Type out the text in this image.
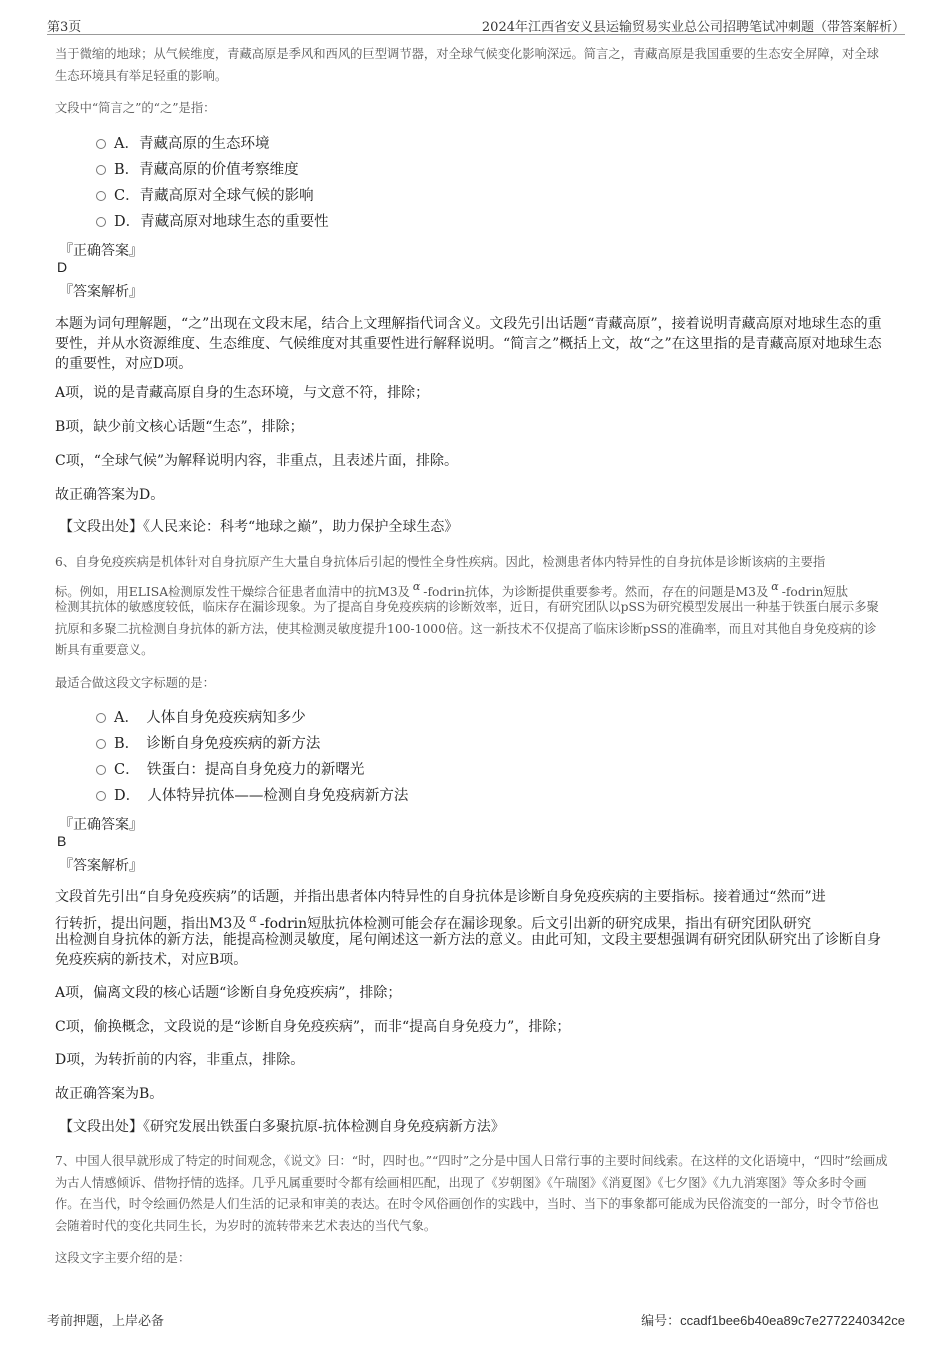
第3页	2024年江西省安义县运输贸易实业总公司招聘笔试冲刺题（带答案解析）
当于微缩的地球；从气候维度，青藏高原是季风和西风的巨型调节器，对全球气候变化影响深远。简言之，青藏高原是我国重要的生态安全屏障，对全球生态环境具有举足轻重的影响。
文段中“简言之”的“之”是指：
A．青藏高原的生态环境
B．青藏高原的价值考察维度
C．青藏高原对全球气候的影响
D．青藏高原对地球生态的重要性
『正确答案』
D
『答案解析』
本题为词句理解题，“之”出现在文段末尾，结合上文理解指代词含义。文段先引出话题“青藏高原”，接着说明青藏高原对地球生态的重要性，并从水资源维度、生态维度、气候维度对其重要性进行解释说明。“简言之”概括上文，故“之”在这里指的是青藏高原对地球生态的重要性，对应D项。
A项，说的是青藏高原自身的生态环境，与文意不符，排除；
B项，缺少前文核心话题“生态”，排除；
C项，“全球气候”为解释说明内容，非重点，且表述片面，排除。
故正确答案为D。
【文段出处】《人民来论：科考“地球之巅”，助力保护全球生态》
6、自身免疫疾病是机体针对自身抗原产生大量自身抗体后引起的慢性全身性疾病。因此，检测患者体内特异性的自身抗体是诊断该病的主要指
标。例如，用ELISA检测原发性干燥综合征患者血清中的抗M3及 α -fodrin抗体，为诊断提供重要参考。然而，存在的问题是M3及 α -fodrin短肽
检测其抗体的敏感度较低，临床存在漏诊现象。为了提高自身免疫疾病的诊断效率，近日，有研究团队以pSS为研究模型发展出一种基于铁蛋白展示多聚抗原和多聚二抗检测自身抗体的新方法，使其检测灵敏度提升100-1000倍。这一新技术不仅提高了临床诊断pSS的准确率，而且对其他自身免疫病的诊断具有重要意义。
最适合做这段文字标题的是：
A．　人体自身免疫疾病知多少
B．　诊断自身免疫疾病的新方法
C．　铁蛋白：提高自身免疫力的新曙光
D．　人体特异抗体——检测自身免疫病新方法
『正确答案』
B
『答案解析』
文段首先引出“自身免疫疾病”的话题，并指出患者体内特异性的自身抗体是诊断自身免疫疾病的主要指标。接着通过“然而”进
行转折，提出问题，指出M3及 $^\alpha$ -fodrin短肽抗体检测可能会存在漏诊现象。后文引出新的研究成果，指出有研究团队研究
出检测自身抗体的新方法，能提高检测灵敏度，尾句阐述这一新方法的意义。由此可知，文段主要想强调有研究团队研究出了诊断自身免疫疾病的新技术，对应B项。
A项，偏离文段的核心话题“诊断自身免疫疾病”，排除；
C项，偷换概念，文段说的是“诊断自身免疫疾病”，而非“提高自身免疫力”，排除；
D项，为转折前的内容，非重点，排除。
故正确答案为B。
【文段出处】《研究发展出铁蛋白多聚抗原-抗体检测自身免疫病新方法》
7、中国人很早就形成了特定的时间观念，《说文》曰：“时，四时也。”“四时”之分是中国人日常行事的主要时间线索。在这样的文化语境中，“四时”绘画成为古人情感倾诉、借物抒情的选择。几乎凡属重要时令都有绘画相匹配，出现了《岁朝图》《午瑞图》《消夏图》《七夕图》《九九消寒图》等众多时令画作。在当代，时令绘画仍然是人们生活的记录和审美的表达。在时令风俗画创作的实践中，当时、当下的事象都可能成为民俗流变的一部分，时令节俗也会随着时代的变化共同生长，为岁时的流转带来艺术表达的当代气象。
这段文字主要介绍的是：
考前押题，上岸必备	编号：ccadf1bee6b40ea89c7e2772240342ce
